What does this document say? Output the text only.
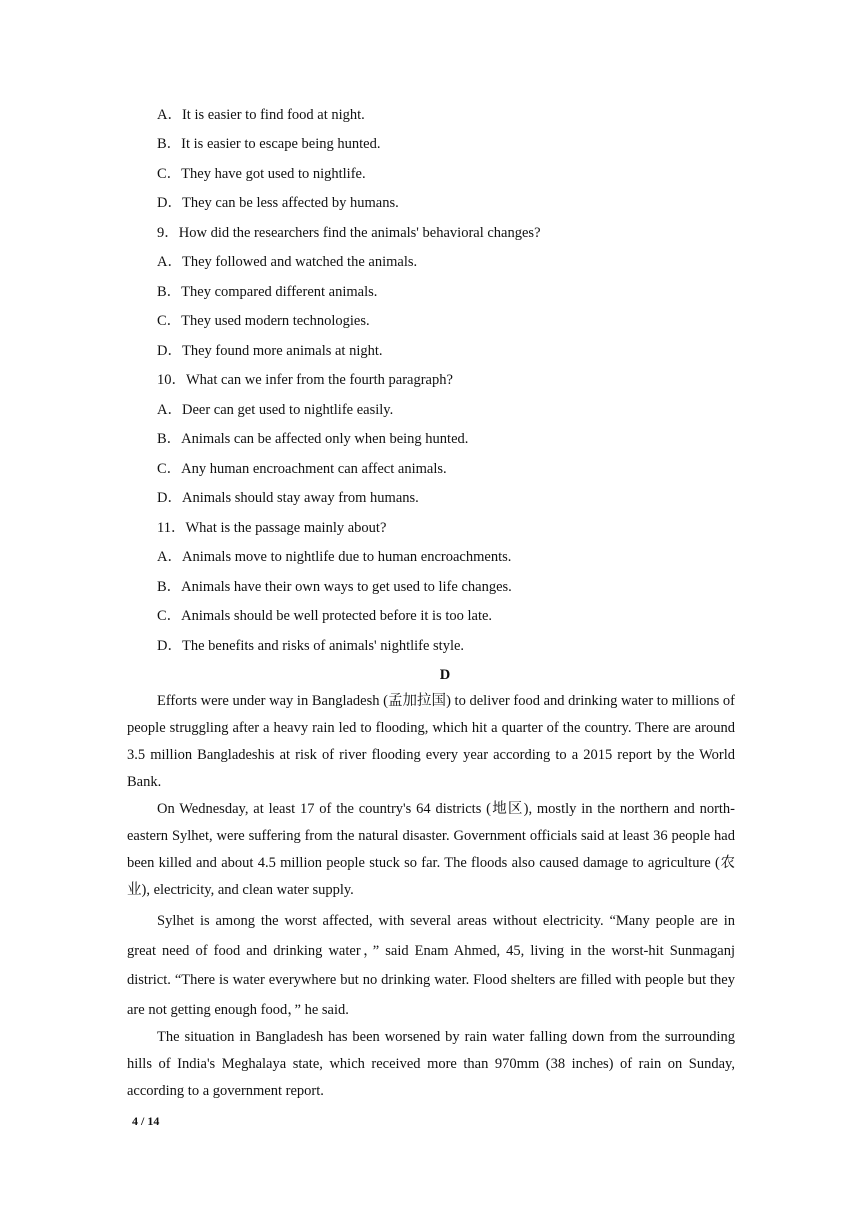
A．It is easier to find food at night.
B．It is easier to escape being hunted.
C．They have got used to nightlife.
D．They can be less affected by humans.
9．How did the researchers find the animals' behavioral changes?
A．They followed and watched the animals.
B．They compared different animals.
C．They used modern technologies.
D．They found more animals at night.
10．What can we infer from the fourth paragraph?
A．Deer can get used to nightlife easily.
B．Animals can be affected only when being hunted.
C．Any human encroachment can affect animals.
D．Animals should stay away from humans.
11．What is the passage mainly about?
A．Animals move to nightlife due to human encroachments.
B．Animals have their own ways to get used to life changes.
C．Animals should be well protected before it is too late.
D．The benefits and risks of animals' nightlife style.
D

Efforts were under way in Bangladesh (孟加拉国) to deliver food and drinking water to millions of people struggling after a heavy rain led to flooding, which hit a quarter of the country. There are around 3.5 million Bangladeshis at risk of river flooding every year according to a 2015 report by the World Bank.

On Wednesday, at least 17 of the country's 64 districts (地区), mostly in the northern and north-eastern Sylhet, were suffering from the natural disaster. Government officials said at least 36 people had been killed and about 4.5 million people stuck so far. The floods also caused damage to agriculture (农业), electricity, and clean water supply.

Sylhet is among the worst affected, with several areas without electricity. “Many people are in great need of food and drinking water，” said Enam Ahmed, 45, living in the worst-hit Sunmaganj district. “There is water everywhere but no drinking water. Flood shelters are filled with people but they are not getting enough food，” he said.

The situation in Bangladesh has been worsened by rain water falling down from the surrounding hills of India's Meghalaya state, which received more than 970mm (38 inches) of rain on Sunday, according to a government report.

4 / 14
